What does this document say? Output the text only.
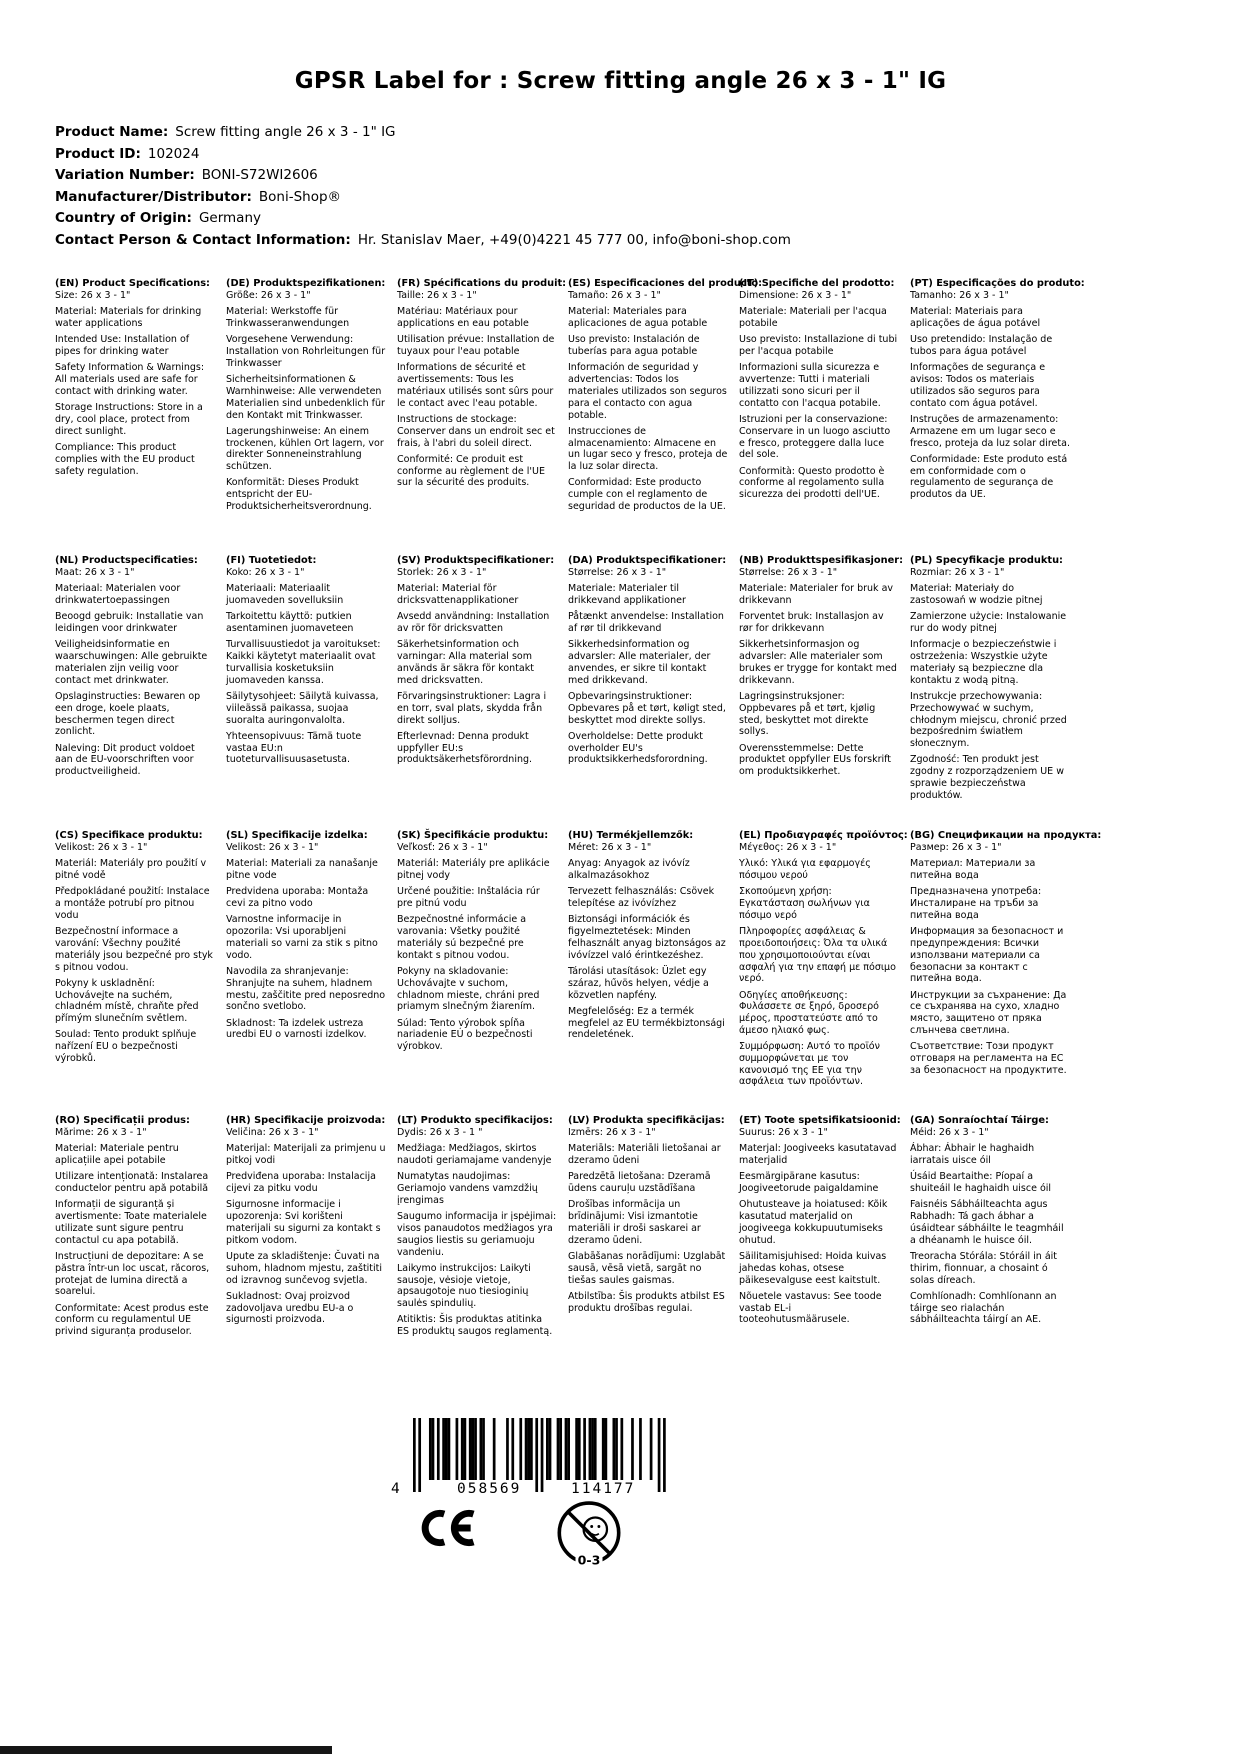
GPSR Label for : Screw fitting angle 26 x 3 - 1" IG
Product Name: Screw fitting angle 26 x 3 - 1" IG
Product ID: 102024
Variation Number: BONI-S72WI2606
Manufacturer/Distributor: Boni-Shop®
Country of Origin: Germany
Contact Person & Contact Information: Hr. Stanislav Maer, +49(0)4221 45 777 00, info@boni-shop.com
(EN) Product Specifications:
Size: 26 x 3 - 1"
Material: Materials for drinking water applications
Intended Use: Installation of pipes for drinking water
Safety Information & Warnings: All materials used are safe for contact with drinking water.
Storage Instructions: Store in a dry, cool place, protect from direct sunlight.
Compliance: This product complies with the EU product safety regulation.
(DE) Produktspezifikationen:
Größe: 26 x 3 - 1"
Material: Werkstoffe für Trinkwasseranwendungen
Vorgesehene Verwendung: Installation von Rohrleitungen für Trinkwasser
Sicherheitsinformationen & Warnhinweise: Alle verwendeten Materialien sind unbedenklich für den Kontakt mit Trinkwasser.
Lagerungshinweise: An einem trockenen, kühlen Ort lagern, vor direkter Sonneneinstrahlung schützen.
Konformität: Dieses Produkt entspricht der EU-Produktsicherheitsverordnung.
(FR) Spécifications du produit:
Taille: 26 x 3 - 1"
Matériau: Matériaux pour applications en eau potable
Utilisation prévue: Installation de tuyaux pour l'eau potable
Informations de sécurité et avertissements: Tous les matériaux utilisés sont sûrs pour le contact avec l'eau potable.
Instructions de stockage: Conserver dans un endroit sec et frais, à l'abri du soleil direct.
Conformité: Ce produit est conforme au règlement de l'UE sur la sécurité des produits.
(ES) Especificaciones del producto:
Tamaño: 26 x 3 - 1"
Material: Materiales para aplicaciones de agua potable
Uso previsto: Instalación de tuberías para agua potable
Información de seguridad y advertencias: Todos los materiales utilizados son seguros para el contacto con agua potable.
Instrucciones de almacenamiento: Almacene en un lugar seco y fresco, proteja de la luz solar directa.
Conformidad: Este producto cumple con el reglamento de seguridad de productos de la UE.
(IT) Specifiche del prodotto:
Dimensione: 26 x 3 - 1"
Materiale: Materiali per l'acqua potabile
Uso previsto: Installazione di tubi per l'acqua potabile
Informazioni sulla sicurezza e avvertenze: Tutti i materiali utilizzati sono sicuri per il contatto con l'acqua potabile.
Istruzioni per la conservazione: Conservare in un luogo asciutto e fresco, proteggere dalla luce del sole.
Conformità: Questo prodotto è conforme al regolamento sulla sicurezza dei prodotti dell'UE.
(PT) Especificações do produto:
Tamanho: 26 x 3 - 1"
Material: Materiais para aplicações de água potável
Uso pretendido: Instalação de tubos para água potável
Informações de segurança e avisos: Todos os materiais utilizados são seguros para contato com água potável.
Instruções de armazenamento: Armazene em um lugar seco e fresco, proteja da luz solar direta.
Conformidade: Este produto está em conformidade com o regulamento de segurança de produtos da UE.
(NL) Productspecificaties:
Maat: 26 x 3 - 1"
Materiaal: Materialen voor drinkwatertoepassingen
Beoogd gebruik: Installatie van leidingen voor drinkwater
Veiligheidsinformatie en waarschuwingen: Alle gebruikte materialen zijn veilig voor contact met drinkwater.
Opslaginstructies: Bewaren op een droge, koele plaats, beschermen tegen direct zonlicht.
Naleving: Dit product voldoet aan de EU-voorschriften voor productveiligheid.
(FI) Tuotetiedot:
Koko: 26 x 3 - 1"
Materiaali: Materiaalit juomaveden sovelluksiin
Tarkoitettu käyttö: putkien asentaminen juomaveteen
Turvallisuustiedot ja varoitukset: Kaikki käytetyt materiaalit ovat turvallisia kosketuksiin juomaveden kanssa.
Säilytysohjeet: Säilytä kuivassa, viileässä paikassa, suojaa suoralta auringonvalolta.
Yhteensopivuus: Tämä tuote vastaa EU:n tuoteturvallisuusasetusta.
(SV) Produktspecifikationer:
Storlek: 26 x 3 - 1"
Material: Material för dricksvattenapplikationer
Avsedd användning: Installation av rör för dricksvatten
Säkerhetsinformation och varningar: Alla material som används är säkra för kontakt med dricksvatten.
Förvaringsinstruktioner: Lagra i en torr, sval plats, skydda från direkt solljus.
Efterlevnad: Denna produkt uppfyller EU:s produktsäkerhetsförordning.
(DA) Produktspecifikationer:
Størrelse: 26 x 3 - 1"
Materiale: Materialer til drikkevand applikationer
Påtænkt anvendelse: Installation af rør til drikkevand
Sikkerhedsinformation og advarsler: Alle materialer, der anvendes, er sikre til kontakt med drikkevand.
Opbevaringsinstruktioner: Opbevares på et tørt, køligt sted, beskyttet mod direkte sollys.
Overholdelse: Dette produkt overholder EU's produktsikkerhedsforordning.
(NB) Produkttspesifikasjoner:
Størrelse: 26 x 3 - 1"
Materiale: Materialer for bruk av drikkevann
Forventet bruk: Installasjon av rør for drikkevann
Sikkerhetsinformasjon og advarsler: Alle materialer som brukes er trygge for kontakt med drikkevann.
Lagringsinstruksjoner: Oppbevares på et tørt, kjølig sted, beskyttet mot direkte sollys.
Overensstemmelse: Dette produktet oppfyller EUs forskrift om produktsikkerhet.
(PL) Specyfikacje produktu:
Rozmiar: 26 x 3 - 1"
Materiał: Materiały do zastosowań w wodzie pitnej
Zamierzone użycie: Instalowanie rur do wody pitnej
Informacje o bezpieczeństwie i ostrzeżenia: Wszystkie użyte materiały są bezpieczne dla kontaktu z wodą pitną.
Instrukcje przechowywania: Przechowywać w suchym, chłodnym miejscu, chronić przed bezpośrednim światłem słonecznym.
Zgodność: Ten produkt jest zgodny z rozporządzeniem UE w sprawie bezpieczeństwa produktów.
(CS) Specifikace produktu:
Velikost: 26 x 3 - 1"
Materiál: Materiály pro použití v pitné vodě
Předpokládané použití: Instalace a montáže potrubí pro pitnou vodu
Bezpečnostní informace a varování: Všechny použité materiály jsou bezpečné pro styk s pitnou vodou.
Pokyny k uskladnění: Uchovávejte na suchém, chladném místě, chraňte před přímým slunečním světlem.
Soulad: Tento produkt splňuje nařízení EU o bezpečnosti výrobků.
(SL) Specifikacije izdelka:
Velikost: 26 x 3 - 1"
Material: Materiali za nanašanje pitne vode
Predvidena uporaba: Montaža cevi za pitno vodo
Varnostne informacije in opozorila: Vsi uporabljeni materiali so varni za stik s pitno vodo.
Navodila za shranjevanje: Shranjujte na suhem, hladnem mestu, zaščitite pred neposredno sončno svetlobo.
Skladnost: Ta izdelek ustreza uredbi EU o varnosti izdelkov.
(SK) Špecifikácie produktu:
Veľkosť: 26 x 3 - 1"
Materiál: Materiály pre aplikácie pitnej vody
Určené použitie: Inštalácia rúr pre pitnú vodu
Bezpečnostné informácie a varovania: Všetky použité materiály sú bezpečné pre kontakt s pitnou vodou.
Pokyny na skladovanie: Uchovávajte v suchom, chladnom mieste, chráni pred priamym slnečným žiarením.
Súlad: Tento výrobok spĺňa nariadenie EÚ o bezpečnosti výrobkov.
(HU) Termékjellemzők:
Méret: 26 x 3 - 1"
Anyag: Anyagok az ivóvíz alkalmazásokhoz
Tervezett felhasználás: Csövek telepítése az ivóvízhez
Biztonsági információk és figyelmeztetések: Minden felhasznált anyag biztonságos az ivóvízzel való érintkezéshez.
Tárolási utasítások: Üzlet egy száraz, hűvös helyen, védje a közvetlen napfény.
Megfelelőség: Ez a termék megfelel az EU termékbiztonsági rendeletének.
(EL) Προδιαγραφές προϊόντος:
Μέγεθος: 26 x 3 - 1"
Υλικό: Υλικά για εφαρμογές πόσιμου νερού
Σκοπούμενη χρήση: Εγκατάσταση σωλήνων για πόσιμο νερό
Πληροφορίες ασφάλειας & προειδοποιήσεις: Όλα τα υλικά που χρησιμοποιούνται είναι ασφαλή για την επαφή με πόσιμο νερό.
Οδηγίες αποθήκευσης: Φυλάσσετε σε ξηρό, δροσερό μέρος, προστατεύστε από το άμεσο ηλιακό φως.
Συμμόρφωση: Αυτό το προϊόν συμμορφώνεται με τον κανονισμό της ΕΕ για την ασφάλεια των προϊόντων.
(BG) Спецификации на продукта:
Размер: 26 x 3 - 1"
Материал: Материали за питейна вода
Предназначена употреба: Инсталиране на тръби за питейна вода
Информация за безопасност и предупреждения: Всички използвани материали са безопасни за контакт с питейна вода.
Инструкции за съхранение: Да се съхранява на сухо, хладно място, защитено от пряка слънчева светлина.
Съответствие: Този продукт отговаря на регламента на ЕС за безопасност на продуктите.
(RO) Specificații produs:
Mărime: 26 x 3 - 1"
Material: Materiale pentru aplicațiile apei potabile
Utilizare intenționată: Instalarea conductelor pentru apă potabilă
Informații de siguranță și avertismente: Toate materialele utilizate sunt sigure pentru contactul cu apa potabilă.
Instrucțiuni de depozitare: A se păstra într-un loc uscat, răcoros, protejat de lumina directă a soarelui.
Conformitate: Acest produs este conform cu regulamentul UE privind siguranța produselor.
(HR) Specifikacije proizvoda:
Veličina: 26 x 3 - 1"
Materijal: Materijali za primjenu u pitkoj vodi
Predviđena uporaba: Instalacija cijevi za pitku vodu
Sigurnosne informacije i upozorenja: Svi korišteni materijali su sigurni za kontakt s pitkom vodom.
Upute za skladištenje: Čuvati na suhom, hladnom mjestu, zaštititi od izravnog sunčevog svjetla.
Sukladnost: Ovaj proizvod zadovoljava uredbu EU-a o sigurnosti proizvoda.
(LT) Produkto specifikacijos:
Dydis: 26 x 3 - 1 "
Medžiaga: Medžiagos, skirtos naudoti geriamajame vandenyje
Numatytas naudojimas: Geriamojo vandens vamzdžių įrengimas
Saugumo informacija ir įspėjimai: visos panaudotos medžiagos yra saugios liestis su geriamuoju vandeniu.
Laikymo instrukcijos: Laikyti sausoje, vėsioje vietoje, apsaugotoje nuo tiesioginių saulės spindulių.
Atitiktis: Šis produktas atitinka ES produktų saugos reglamentą.
(LV) Produkta specifikācijas:
Izmērs: 26 x 3 - 1"
Materiāls: Materiāli lietošanai ar dzeramo ūdeni
Paredzētā lietošana: Dzeramā ūdens cauruļu uzstādīšana
Drošības informācija un brīdinājumi: Visi izmantotie materiāli ir droši saskarei ar dzeramo ūdeni.
Glabāšanas norādījumi: Uzglabāt sausā, vēsā vietā, sargāt no tiešas saules gaismas.
Atbilstība: Šis produkts atbilst ES produktu drošības regulai.
(ET) Toote spetsifikatsioonid:
Suurus: 26 x 3 - 1"
Materjal: Joogiveeks kasutatavad materjalid
Eesmärgipärane kasutus: Joogiveetorude paigaldamine
Ohutusteave ja hoiatused: Kõik kasutatud materjalid on joogiveega kokkupuutumiseks ohutud.
Säilitamisjuhised: Hoida kuivas jahedas kohas, otsese päikesevalguse eest kaitstult.
Nõuetele vastavus: See toode vastab EL-i tooteohutusmäärusele.
(GA) Sonraíochtaí Táirge:
Méid: 26 x 3 - 1"
Ábhar: Ábhair le haghaidh iarratais uisce óil
Úsáid Beartaithe: Píopaí a shuiteáil le haghaidh uisce óil
Faisnéis Sábháilteachta agus Rabhadh: Tá gach ábhar a úsáidtear sábháilte le teagmháil a dhéanamh le huisce óil.
Treoracha Stórála: Stóráil in áit thirim, fionnuar, a chosaint ó solas díreach.
Comhlíonadh: Comhlíonann an táirge seo rialachán sábháilteachta táirgí an AE.
4	058569	114177
0-3
